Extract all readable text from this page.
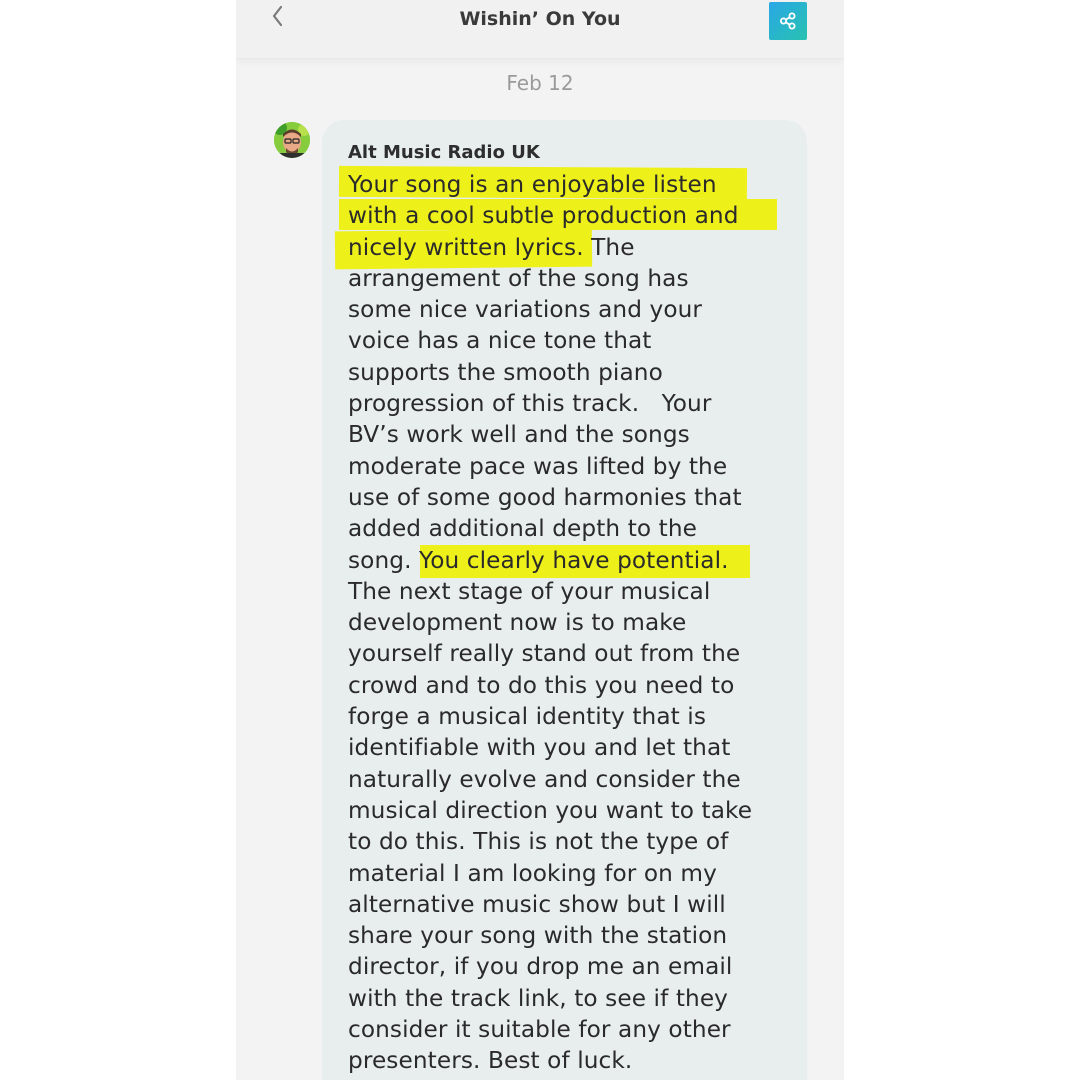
Wishin’ On You
Feb 12
Alt Music Radio UK
Your song is an enjoyable listen
with a cool subtle production and
nicely written lyrics. The
arrangement of the song has
some nice variations and your
voice has a nice tone that
supports the smooth piano
progression of this track.   Your
BV’s work well and the songs
moderate pace was lifted by the
use of some good harmonies that
added additional depth to the
song. You clearly have potential.
The next stage of your musical
development now is to make
yourself really stand out from the
crowd and to do this you need to
forge a musical identity that is
identifiable with you and let that
naturally evolve and consider the
musical direction you want to take
to do this. This is not the type of
material I am looking for on my
alternative music show but I will
share your song with the station
director, if you drop me an email
with the track link, to see if they
consider it suitable for any other
presenters. Best of luck.
